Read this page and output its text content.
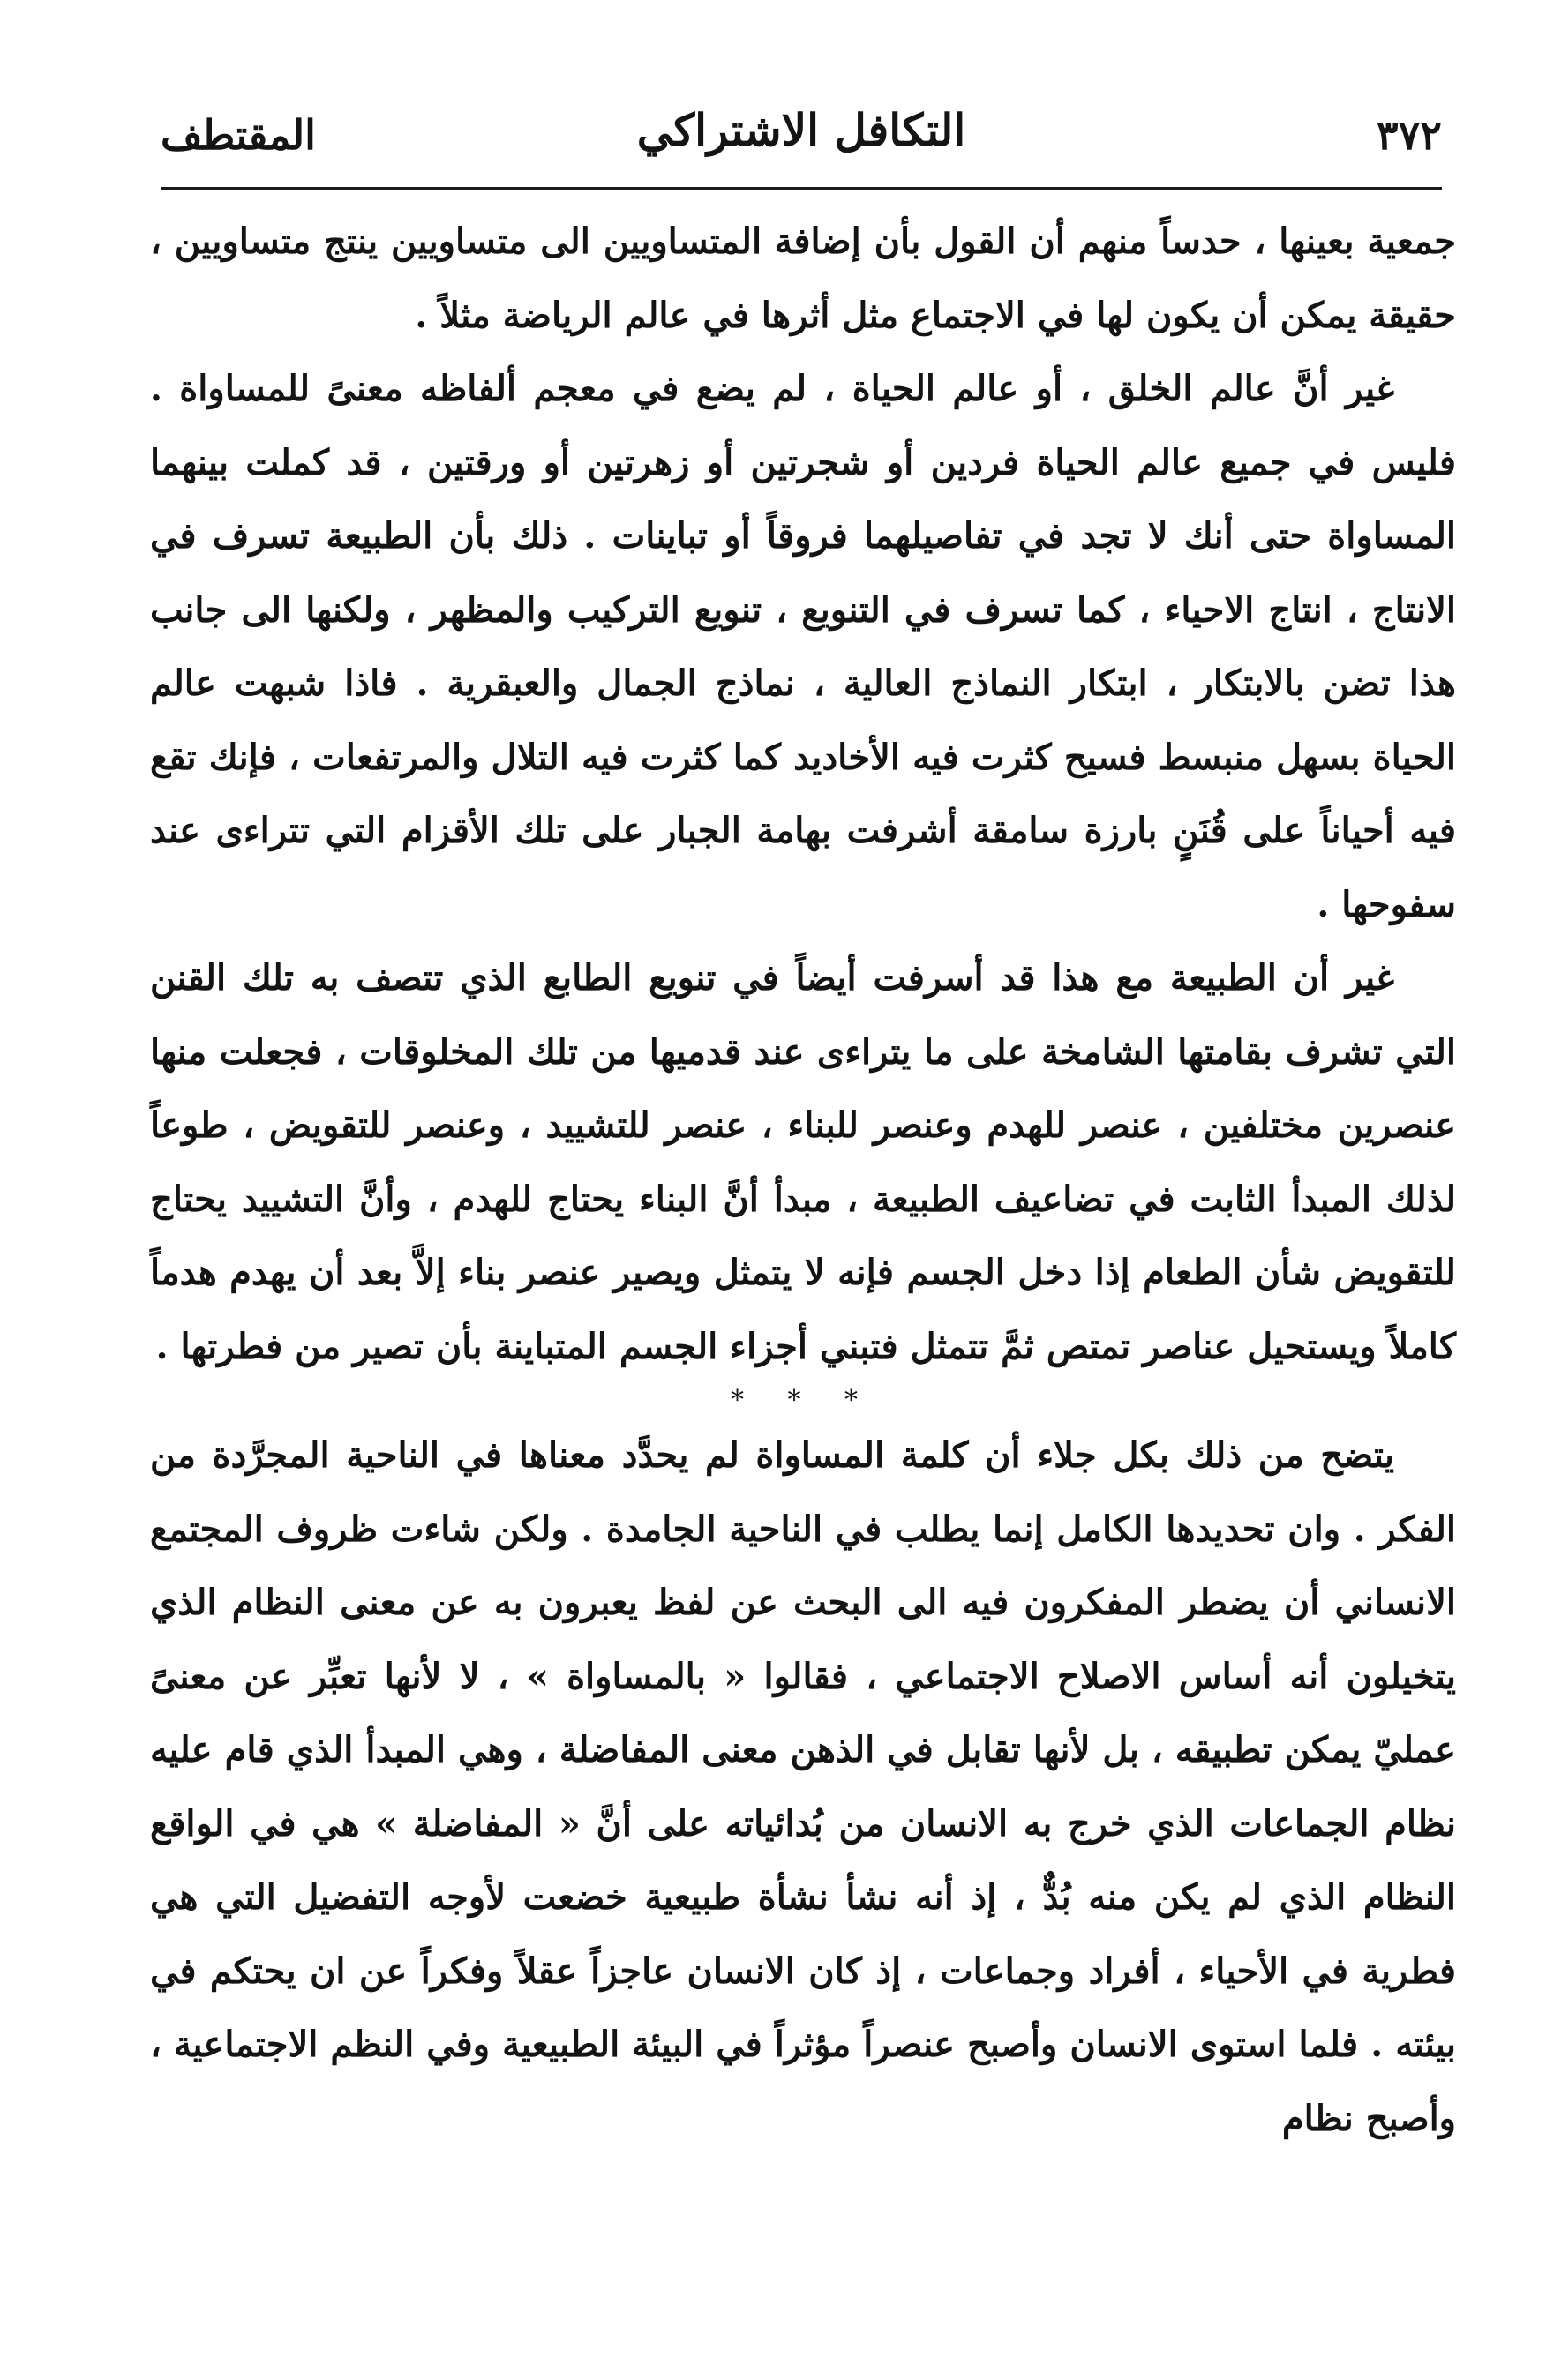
٣٧٢
التكافل الاشتراكي
المقتطف

جمعية بعينها ، حدساً منهم أن القول بأن إضافة المتساويين الى متساويين ينتج متساويين ، حقيقة يمكن أن يكون لها في الاجتماع مثل أثرها في عالم الرياضة مثلاً .

غير أنَّ عالم الخلق ، أو عالم الحياة ، لم يضع في معجم ألفاظه معنىً للمساواة . فليس في جميع عالم الحياة فردين أو شجرتين أو زهرتين أو ورقتين ، قد كملت بينهما المساواة حتى أنك لا تجد في تفاصيلهما فروقاً أو تباينات . ذلك بأن الطبيعة تسرف في الانتاج ، انتاج الاحياء ، كما تسرف في التنويع ، تنويع التركيب والمظهر ، ولكنها الى جانب هذا تضن بالابتكار ، ابتكار النماذج العالية ، نماذج الجمال والعبقرية . فاذا شبهت عالم الحياة بسهل منبسط فسيح كثرت فيه الأخاديد كما كثرت فيه التلال والمرتفعات ، فإنك تقع فيه أحياناً على قُنَنٍ بارزة سامقة أشرفت بهامة الجبار على تلك الأقزام التي تتراءى عند سفوحها .

غير أن الطبيعة مع هذا قد أسرفت أيضاً في تنويع الطابع الذي تتصف به تلك القنن التي تشرف بقامتها الشامخة على ما يتراءى عند قدميها من تلك المخلوقات ، فجعلت منها عنصرين مختلفين ، عنصر للهدم وعنصر للبناء ، عنصر للتشييد ، وعنصر للتقويض ، طوعاً لذلك المبدأ الثابت في تضاعيف الطبيعة ، مبدأ أنَّ البناء يحتاج للهدم ، وأنَّ التشييد يحتاج للتقويض شأن الطعام إذا دخل الجسم فإنه لا يتمثل ويصير عنصر بناء إلاَّ بعد أن يهدم هدماً كاملاً ويستحيل عناصر تمتص ثمَّ تتمثل فتبني أجزاء الجسم المتباينة بأن تصير من فطرتها .

* * *

يتضح من ذلك بكل جلاء أن كلمة المساواة لم يحدَّد معناها في الناحية المجرَّدة من الفكر . وان تحديدها الكامل إنما يطلب في الناحية الجامدة . ولكن شاءت ظروف المجتمع الانساني أن يضطر المفكرون فيه الى البحث عن لفظ يعبرون به عن معنى النظام الذي يتخيلون أنه أساس الاصلاح الاجتماعي ، فقالوا « بالمساواة » ، لا لأنها تعبِّر عن معنىً عمليّ يمكن تطبيقه ، بل لأنها تقابل في الذهن معنى المفاضلة ، وهي المبدأ الذي قام عليه نظام الجماعات الذي خرج به الانسان من بُدائياته على أنَّ « المفاضلة » هي في الواقع النظام الذي لم يكن منه بُدٌّ ، إذ أنه نشأ نشأة طبيعية خضعت لأوجه التفضيل التي هي فطرية في الأحياء ، أفراد وجماعات ، إذ كان الانسان عاجزاً عقلاً وفكراً عن ان يحتكم في بيئته . فلما استوى الانسان وأصبح عنصراً مؤثراً في البيئة الطبيعية وفي النظم الاجتماعية ، وأصبح نظام
